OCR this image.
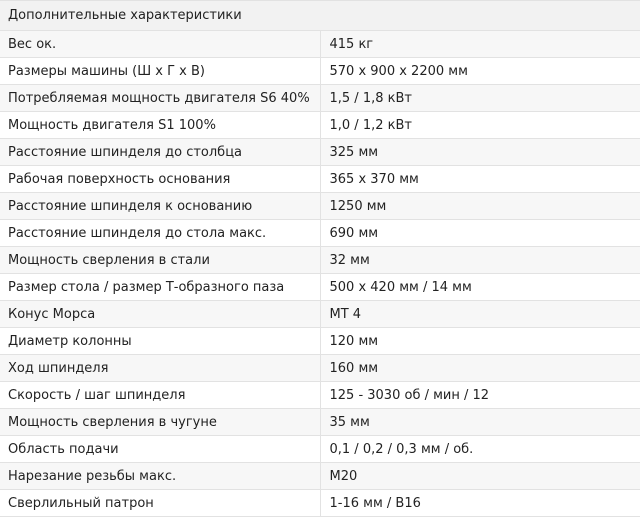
Дополнительные характеристики	
Вес ок.	415 кг
Размеры машины (Ш х Г х В)	570 x 900 x 2200 мм
Потребляемая мощность двигателя S6 40%	1,5 / 1,8 кВт
Мощность двигателя S1 100%	1,0 / 1,2 кВт
Расстояние шпинделя до столбца	325 мм
Рабочая поверхность основания	365 x 370 мм
Расстояние шпинделя к основанию	1250 мм
Расстояние шпинделя до стола макс.	690 мм
Мощность сверления в стали	32 мм
Размер стола / размер Т-образного паза	500 x 420 мм / 14 мм
Конус Морса	MT 4
Диаметр колонны	120 мм
Ход шпинделя	160 мм
Скорость / шаг шпинделя	125 - 3030 об / мин / 12
Мощность сверления в чугуне	35 мм
Область подачи	0,1 / 0,2 / 0,3 мм / об.
Нарезание резьбы макс.	M20
Сверлильный патрон	1-16 мм / B16
